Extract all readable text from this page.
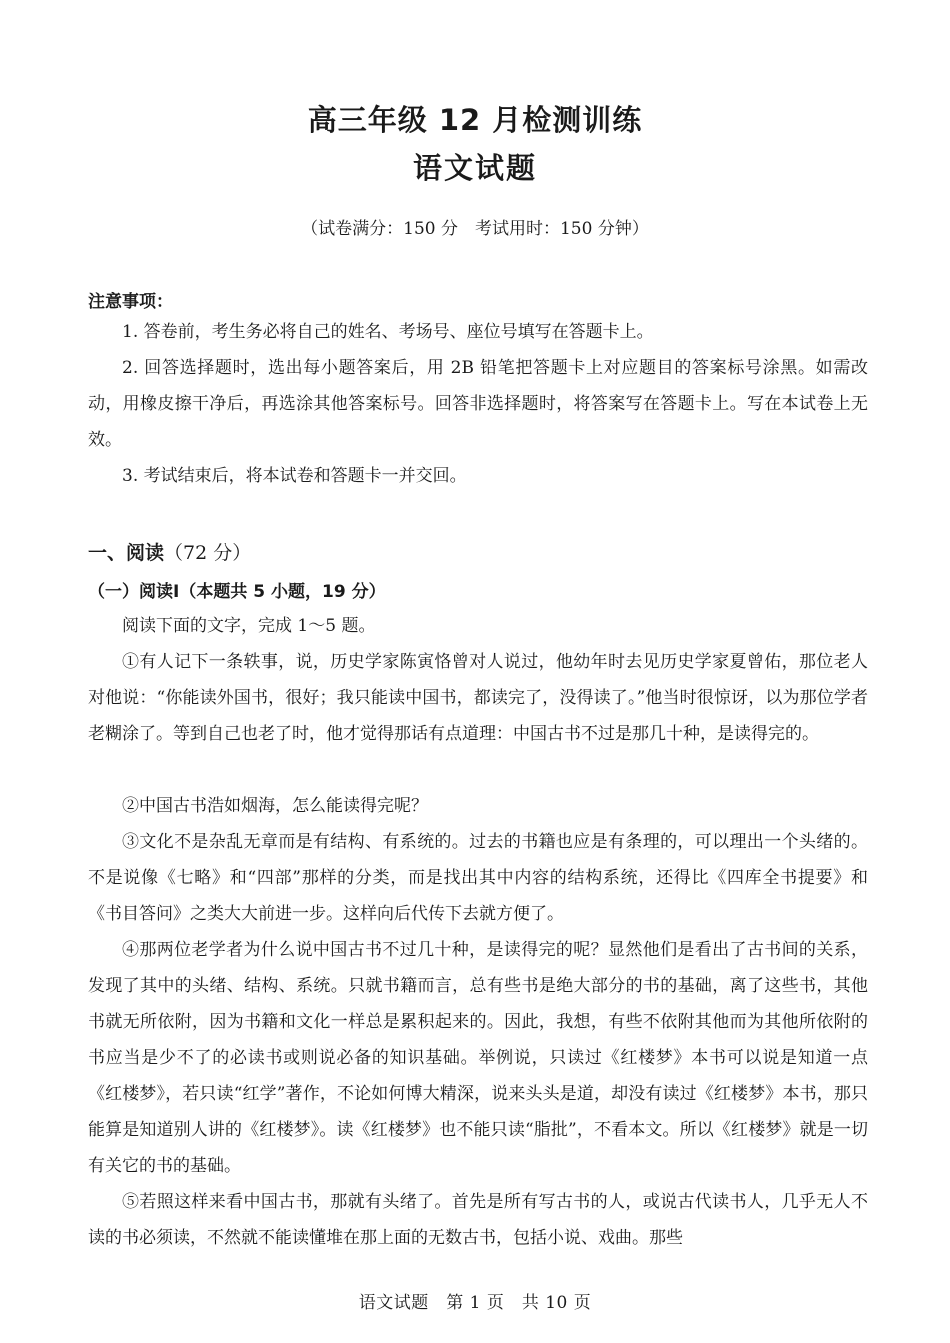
高三年级 12 月检测训练
语文试题
（试卷满分：150 分　考试用时：150 分钟）
注意事项：
1. 答卷前，考生务必将自己的姓名、考场号、座位号填写在答题卡上。
2. 回答选择题时，选出每小题答案后，用 2B 铅笔把答题卡上对应题目的答案标号涂黑。如需改动，用橡皮擦干净后，再选涂其他答案标号。回答非选择题时，将答案写在答题卡上。写在本试卷上无效。
3. 考试结束后，将本试卷和答题卡一并交回。
一、阅读（72 分）
（一）阅读Ⅰ（本题共 5 小题，19 分）
阅读下面的文字，完成 1～5 题。
①有人记下一条轶事，说，历史学家陈寅恪曾对人说过，他幼年时去见历史学家夏曾佑，那位老人对他说：“你能读外国书，很好；我只能读中国书，都读完了，没得读了。”他当时很惊讶，以为那位学者老糊涂了。等到自己也老了时，他才觉得那话有点道理：中国古书不过是那几十种，是读得完的。
②中国古书浩如烟海，怎么能读得完呢？
③文化不是杂乱无章而是有结构、有系统的。过去的书籍也应是有条理的，可以理出一个头绪的。不是说像《七略》和“四部”那样的分类，而是找出其中内容的结构系统，还得比《四库全书提要》和《书目答问》之类大大前进一步。这样向后代传下去就方便了。
④那两位老学者为什么说中国古书不过几十种，是读得完的呢？显然他们是看出了古书间的关系，发现了其中的头绪、结构、系统。只就书籍而言，总有些书是绝大部分的书的基础，离了这些书，其他书就无所依附，因为书籍和文化一样总是累积起来的。因此，我想，有些不依附其他而为其他所依附的书应当是少不了的必读书或则说必备的知识基础。举例说，只读过《红楼梦》本书可以说是知道一点《红楼梦》，若只读“红学”著作，不论如何博大精深，说来头头是道，却没有读过《红楼梦》本书，那只能算是知道别人讲的《红楼梦》。读《红楼梦》也不能只读“脂批”，不看本文。所以《红楼梦》就是一切有关它的书的基础。
⑤若照这样来看中国古书，那就有头绪了。首先是所有写古书的人，或说古代读书人，几乎无人不读的书必须读，不然就不能读懂堆在那上面的无数古书，包括小说、戏曲。那些
语文试题　第 1 页　共 10 页
